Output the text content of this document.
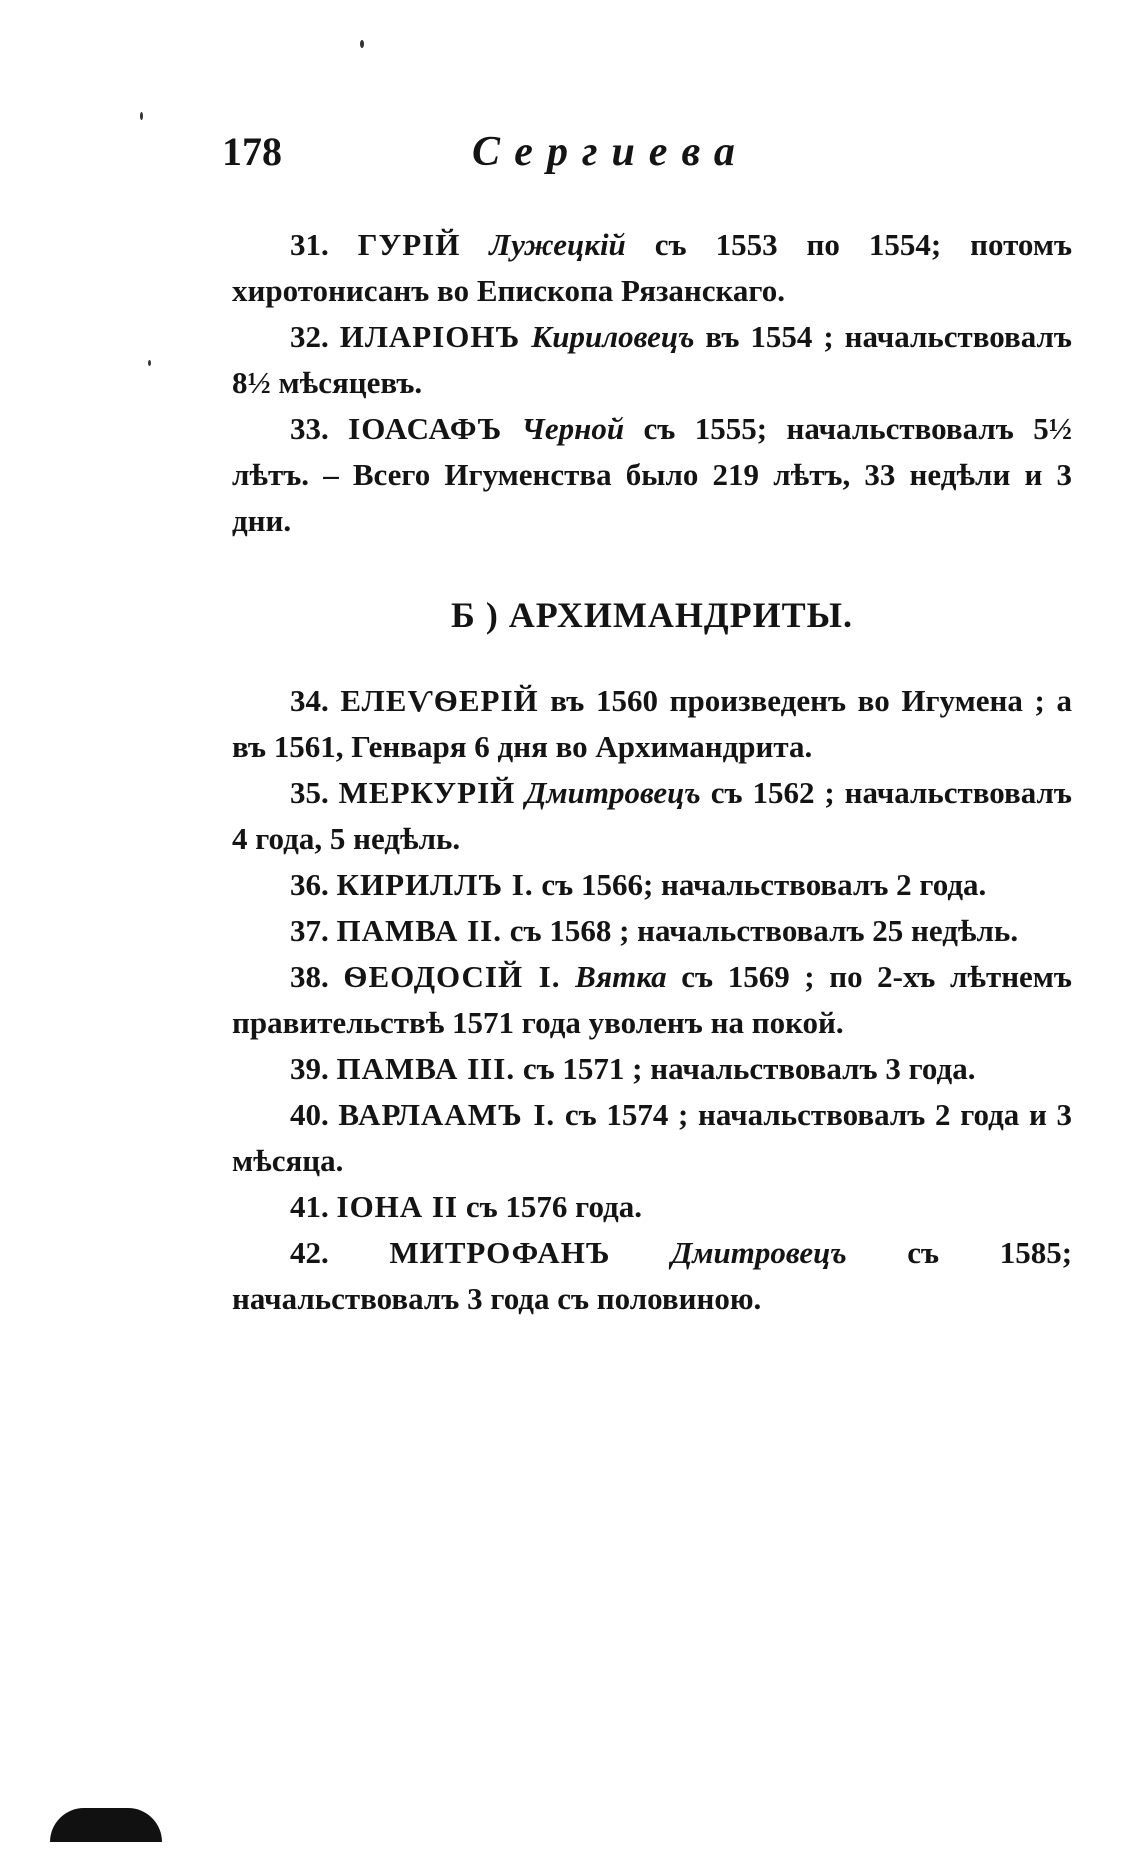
178	Сергиева

31. ГУРІЙ Лужецкій съ 1553 по 1554; потомъ хиротонисанъ во Епископа Рязанскаго.

32. ИЛАРІОНЪ Кириловецъ въ 1554 ; начальствовалъ 8½ мѣсяцевъ.

33. ІОАСАФЪ Черной съ 1555; начальствовалъ 5½ лѣтъ. – Всего Игуменства было 219 лѣтъ, 33 недѣли и 3 дни.

Б ) АРХИМАНДРИТЫ.

34. ЕЛЕѴѲЕРІЙ въ 1560 произведенъ во Игумена ; а въ 1561, Генваря 6 дня во Архимандрита.

35. МЕРКУРІЙ Дмитровецъ съ 1562 ; начальствовалъ 4 года, 5 недѣль.

36. КИРИЛЛЪ І. съ 1566; начальствовалъ 2 года.

37. ПАМВА ІІ. съ 1568 ; начальствовалъ 25 недѣль.

38. ѲЕОДОСІЙ І. Вятка съ 1569 ; по 2-хъ лѣтнемъ правительствѣ 1571 года уволенъ на покой.

39. ПАМВА ІІІ. съ 1571 ; начальствовалъ 3 года.

40. ВАРЛААМЪ І. съ 1574 ; начальствовалъ 2 года и 3 мѣсяца.

41. ІОНА ІІ съ 1576 года.

42. МИТРОФАНЪ Дмитровецъ съ 1585; начальствовалъ 3 года съ половиною.
